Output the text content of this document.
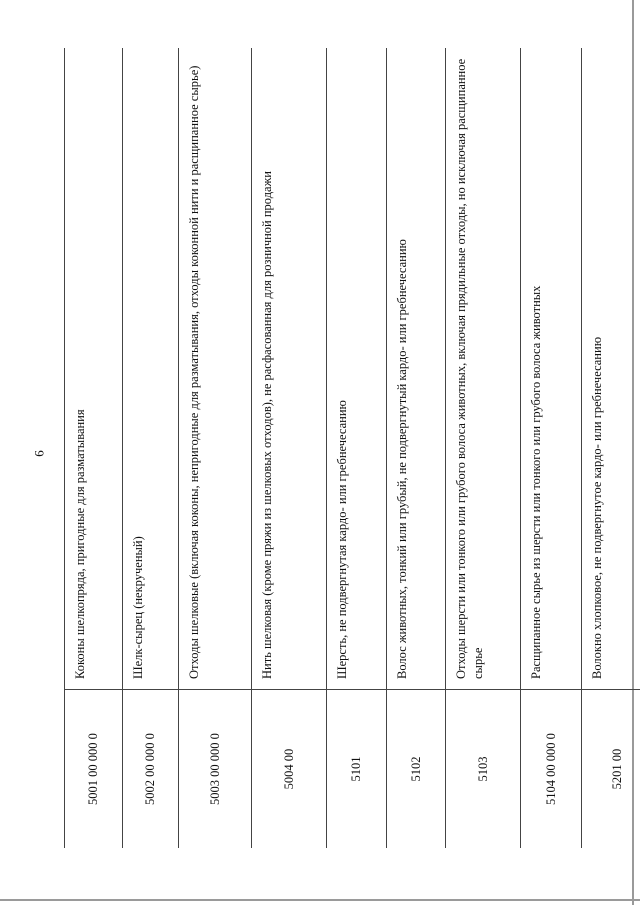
9
5001 00 000 0	Коконы шелкопряда, пригодные для разматывания
5002 00 000 0	Шелк-сырец (некрученый)
5003 00 000 0	Отходы шелковые (включая коконы, непригодные для разматывания, отходы коконной нити и расщипанное сырье)
5004 00	Нить шелковая (кроме пряжи из шелковых отходов), не расфасованная для розничной продажи
5101	Шерсть, не подвергнутая кардо- или гребнечесанию
5102	Волос животных, тонкий или грубый, не подвергнутый кардо- или гребнечесанию
5103	Отходы шерсти или тонкого или грубого волоса животных, включая прядильные отходы, но исключая расщипанное сырье
5104 00 000 0	Расщипанное сырье из шерсти или тонкого или грубого волоса животных
5201 00	Волокно хлопковое, не подвергнутое кардо- или гребнечесанию
